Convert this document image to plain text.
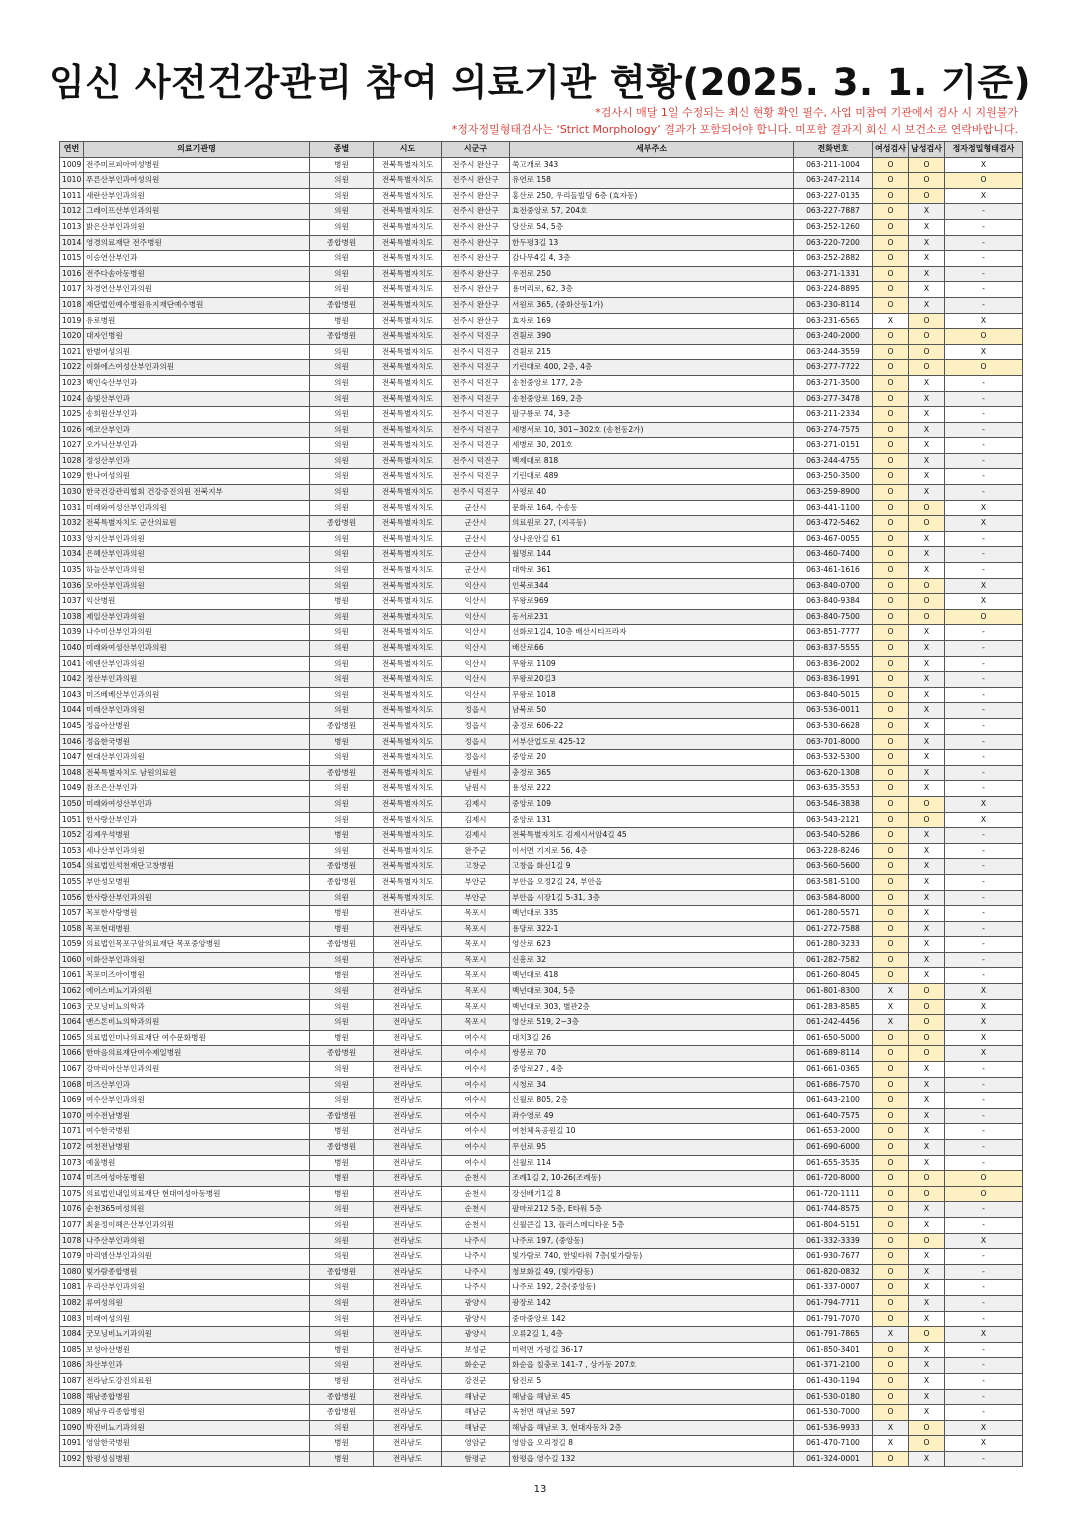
임신 사전건강관리 참여 의료기관 현황(2025. 3. 1. 기준)
*검사시 매달 1일 수정되는 최신 현황 확인 필수, 사업 미참여 기관에서 검사 시 지원불가
*정자정밀형태검사는 ‘Strict Morphology’ 결과가 포함되어야 합니다. 미포함 결과지 회신 시 보건소로 연락바랍니다.
연번	의료기관명	종별	시도	시군구	세부주소	전화번호	여성검사	남성검사	정자정밀형태검사
1009	전주미르피아여성병원	병원	전북특별자치도	전주시 완산구	쑥고개로 343	063-211-1004	O	O	X
1010	푸른산부인과여성의원	의원	전북특별자치도	전주시 완산구	유연로 158	063-247-2114	O	O	O
1011	새란산부인과의원	의원	전북특별자치도	전주시 완산구	홍산로 250, 우리들빌딩 6층 (효자동)	063-227-0135	O	O	X
1012	그레이프산부인과의원	의원	전북특별자치도	전주시 완산구	효전중앙로 57, 204호	063-227-7887	O	X	-
1013	밝은산부인과의원	의원	전북특별자치도	전주시 완산구	당산로 54, 5층	063-252-1260	O	X	-
1014	영경의료재단 전주병원	종합병원	전북특별자치도	전주시 완산구	한두평3길 13	063-220-7200	O	X	-
1015	이승연산부인과	의원	전북특별자치도	전주시 완산구	감나무4길 4, 3층	063-252-2882	O	X	-
1016	전주다솜아동병원	의원	전북특별자치도	전주시 완산구	우전로 250	063-271-1331	O	X	-
1017	차경연산부인과의원	의원	전북특별자치도	전주시 완산구	용머리로, 62, 3층	063-224-8895	O	X	-
1018	재단법인예수병원유지재단예수병원	종합병원	전북특별자치도	전주시 완산구	서원로 365, (중화산동1가)	063-230-8114	O	X	-
1019	유로병원	병원	전북특별자치도	전주시 완산구	효자로 169	063-231-6565	X	O	X
1020	대자인병원	종합병원	전북특별자치도	전주시 덕진구	견훤로 390	063-240-2000	O	O	O
1021	한별여성의원	의원	전북특별자치도	전주시 덕진구	견훤로 215	063-244-3559	O	O	X
1022	이화에스여성산부인과의원	의원	전북특별자치도	전주시 덕진구	기린대로 400, 2층, 4층	063-277-7722	O	O	O
1023	백인숙산부인과	의원	전북특별자치도	전주시 덕진구	송천중앙로 177, 2층	063-271-3500	O	X	-
1024	솔빛산부인과	의원	전북특별자치도	전주시 덕진구	송천중앙로 169, 2층	063-277-3478	O	X	-
1025	송희원산부인과	의원	전북특별자치도	전주시 덕진구	팔구룡로 74, 3층	063-211-2334	O	X	-
1026	예코산부인과	의원	전북특별자치도	전주시 덕진구	세병서로 10, 301~302호 (송천동2가)	063-274-7575	O	X	-
1027	오가닉산부인과	의원	전북특별자치도	전주시 덕진구	세병로 30, 201호	063-271-0151	O	X	-
1028	정성산부인과	의원	전북특별자치도	전주시 덕진구	백제대로 818	063-244-4755	O	X	-
1029	한나여성의원	의원	전북특별자치도	전주시 덕진구	기린대로 489	063-250-3500	O	X	-
1030	한국건강관리협회 건강증진의원 전북지부	의원	전북특별자치도	전주시 덕진구	사평로 40	063-259-8900	O	X	-
1031	미래와여성산부인과의원	의원	전북특별자치도	군산시	문화로 164, 수송동	063-441-1100	O	O	X
1032	전북특별자치도 군산의료원	종합병원	전북특별자치도	군산시	의료원로 27, (지곡동)	063-472-5462	O	O	X
1033	앙지산부인과의원	의원	전북특별자치도	군산시	상나운안길 61	063-467-0055	O	X	-
1034	은혜산부인과의원	의원	전북특별자치도	군산시	월명로 144	063-460-7400	O	X	-
1035	하늘산부인과의원	의원	전북특별자치도	군산시	대학로 361	063-461-1616	O	X	-
1036	모아산부인과의원	의원	전북특별자치도	익산시	인북로344	063-840-0700	O	O	X
1037	익산병원	병원	전북특별자치도	익산시	무왕로969	063-840-9384	O	O	X
1038	제일산부인과의원	의원	전북특별자치도	익산시	동서로231	063-840-7500	O	O	O
1039	나수미산부인과의원	의원	전북특별자치도	익산시	선화로1길4, 10층 배산시티프라자	063-851-7777	O	X	-
1040	미래와여성산부인과의원	의원	전북특별자치도	익산시	배산로66	063-837-5555	O	X	-
1041	에덴산부인과의원	의원	전북특별자치도	익산시	무왕로 1109	063-836-2002	O	X	-
1042	정산부인과의원	의원	전북특별자치도	익산시	무왕로20길3	063-836-1991	O	X	-
1043	미즈베베산부인과의원	의원	전북특별자치도	익산시	무왕로 1018	063-840-5015	O	X	-
1044	미래산부인과의원	의원	전북특별자치도	정읍시	남북로 50	063-536-0011	O	X	-
1045	정읍아산병원	종합병원	전북특별자치도	정읍시	충정로 606-22	063-530-6628	O	X	-
1046	정읍한국병원	병원	전북특별자치도	정읍시	서부산업도로 425-12	063-701-8000	O	X	-
1047	현대산부인과의원	의원	전북특별자치도	정읍시	중앙로 20	063-532-5300	O	X	-
1048	전북특별자치도 남원의료원	종합병원	전북특별자치도	남원시	충정로 365	063-620-1308	O	X	-
1049	참조은산부인과	의원	전북특별자치도	남원시	용성로 222	063-635-3553	O	X	-
1050	미래와여성산부인과	의원	전북특별자치도	김제시	중앙로 109	063-546-3838	O	O	X
1051	한사랑산부인과	의원	전북특별자치도	김제시	중앙로 131	063-543-2121	O	O	X
1052	김제우석병원	병원	전북특별자치도	김제시	전북특별자치도 김제시서암4길 45	063-540-5286	O	X	-
1053	세나산부인과의원	의원	전북특별자치도	완주군	이서면 기지로 56, 4층	063-228-8246	O	X	-
1054	의료법인석천재단고창병원	종합병원	전북특별자치도	고창군	고창읍 화신1길 9	063-560-5600	O	X	-
1055	부안성모병원	종합병원	전북특별자치도	부안군	부안읍 오정2길 24, 부안읍	063-581-5100	O	X	-
1056	한사랑산부인과의원	의원	전북특별자치도	부안군	부안읍 시장1길 5-31, 3층	063-584-8000	O	X	-
1057	목포한사랑병원	병원	전라남도	목포시	백년대로 335	061-280-5571	O	X	-
1058	목포현대병원	병원	전라남도	목포시	용당로 322-1	061-272-7588	O	X	-
1059	의료법인목포구암의료재단 목포중앙병원	종합병원	전라남도	목포시	영산로 623	061-280-3233	O	X	-
1060	이화산부인과의원	의원	전라남도	목포시	신흥로 32	061-282-7582	O	X	-
1061	목포미즈아이병원	병원	전라남도	목포시	백년대로 418	061-260-8045	O	X	-
1062	에이스비뇨기과의원	의원	전라남도	목포시	백년대로 304, 5층	061-801-8300	X	O	X
1063	굿모닝비뇨의학과	의원	전라남도	목포시	백년대로 303, 별관2층	061-283-8585	X	O	X
1064	맨스톤비뇨의학과의원	의원	전라남도	목포시	영산로 519, 2~3층	061-242-4456	X	O	X
1065	의료법인미나의료재단 여수문화병원	병원	전라남도	여수시	대치3길 26	061-650-5000	O	O	X
1066	한마음의료재단여수제일병원	종합병원	전라남도	여수시	쌍봉로 70	061-689-8114	O	O	X
1067	강마리아산부인과의원	의원	전라남도	여수시	중앙로27 , 4층	061-661-0365	O	X	-
1068	미즈산부인과	의원	전라남도	여수시	시청로 34	061-686-7570	O	X	-
1069	여수산부인과의원	의원	전라남도	여수시	신월로 805, 2층	061-643-2100	O	X	-
1070	여수전남병원	종합병원	전라남도	여수시	좌수영로 49	061-640-7575	O	X	-
1071	여수한국병원	병원	전라남도	여수시	여천체육공원길 10	061-653-2000	O	X	-
1072	여천전남병원	종합병원	전라남도	여수시	무선로 95	061-690-6000	O	X	-
1073	예울병원	병원	전라남도	여수시	신월로 114	061-655-3535	O	X	-
1074	미즈여성아동병원	병원	전라남도	순천시	조례1길 2, 10-26(조례동)	061-720-8000	O	O	O
1075	의료법인내일의료재단 현대여성아동병원	병원	전라남도	순천시	장선배기1길 8	061-720-1111	O	O	O
1076	순천365여성의원	의원	전라남도	순천시	팔마로212 5층, E타워 5층	061-744-8575	O	X	-
1077	최윤정이헤은산부인과의원	의원	전라남도	순천시	신월큰길 13, 플러스메디타운 5층	061-804-5151	O	X	-
1078	나주산부인과의원	의원	전라남도	나주시	나주로 197, (중앙동)	061-332-3339	O	O	X
1079	마리엠산부인과의원	의원	전라남도	나주시	빛가람로 740, 한빛타워 7층(빛가람동)	061-930-7677	O	X	-
1080	빛가람종합병원	종합병원	전라남도	나주시	청보화길 49, (빛가람동)	061-820-0832	O	X	-
1081	우리산부인과의원	의원	전라남도	나주시	나주로 192, 2층(중앙동)	061-337-0007	O	X	-
1082	류여성의원	의원	전라남도	광양시	광장로 142	061-794-7711	O	X	-
1083	미래여성의원	의원	전라남도	광양시	중마중앙로 142	061-791-7070	O	X	-
1084	굿모닝비뇨기과의원	의원	전라남도	광양시	오류2길 1, 4층	061-791-7865	X	O	X
1085	보성아산병원	병원	전라남도	보성군	미력면 가평길 36-17	061-850-3401	O	X	-
1086	차산부인과	의원	전라남도	화순군	화순읍 칠충로 141-7 , 상가동 207호	061-371-2100	O	X	-
1087	전라남도강진의료원	병원	전라남도	강진군	탐진로 5	061-430-1194	O	X	-
1088	해남종합병원	종합병원	전라남도	해남군	해남읍 해남로 45	061-530-0180	O	X	-
1089	해남우리종합병원	종합병원	전라남도	해남군	옥천면 해남로 597	061-530-7000	O	X	-
1090	박진비뇨기과의원	의원	전라남도	해남군	해남읍 해남로 3, 현대자동차 2층	061-536-9933	X	O	X
1091	영암한국병원	병원	전라남도	영암군	영암읍 오리정길 8	061-470-7100	X	O	X
1092	함평성심병원	병원	전라남도	함평군	함평읍 영수길 132	061-324-0001	O	X	-
13
